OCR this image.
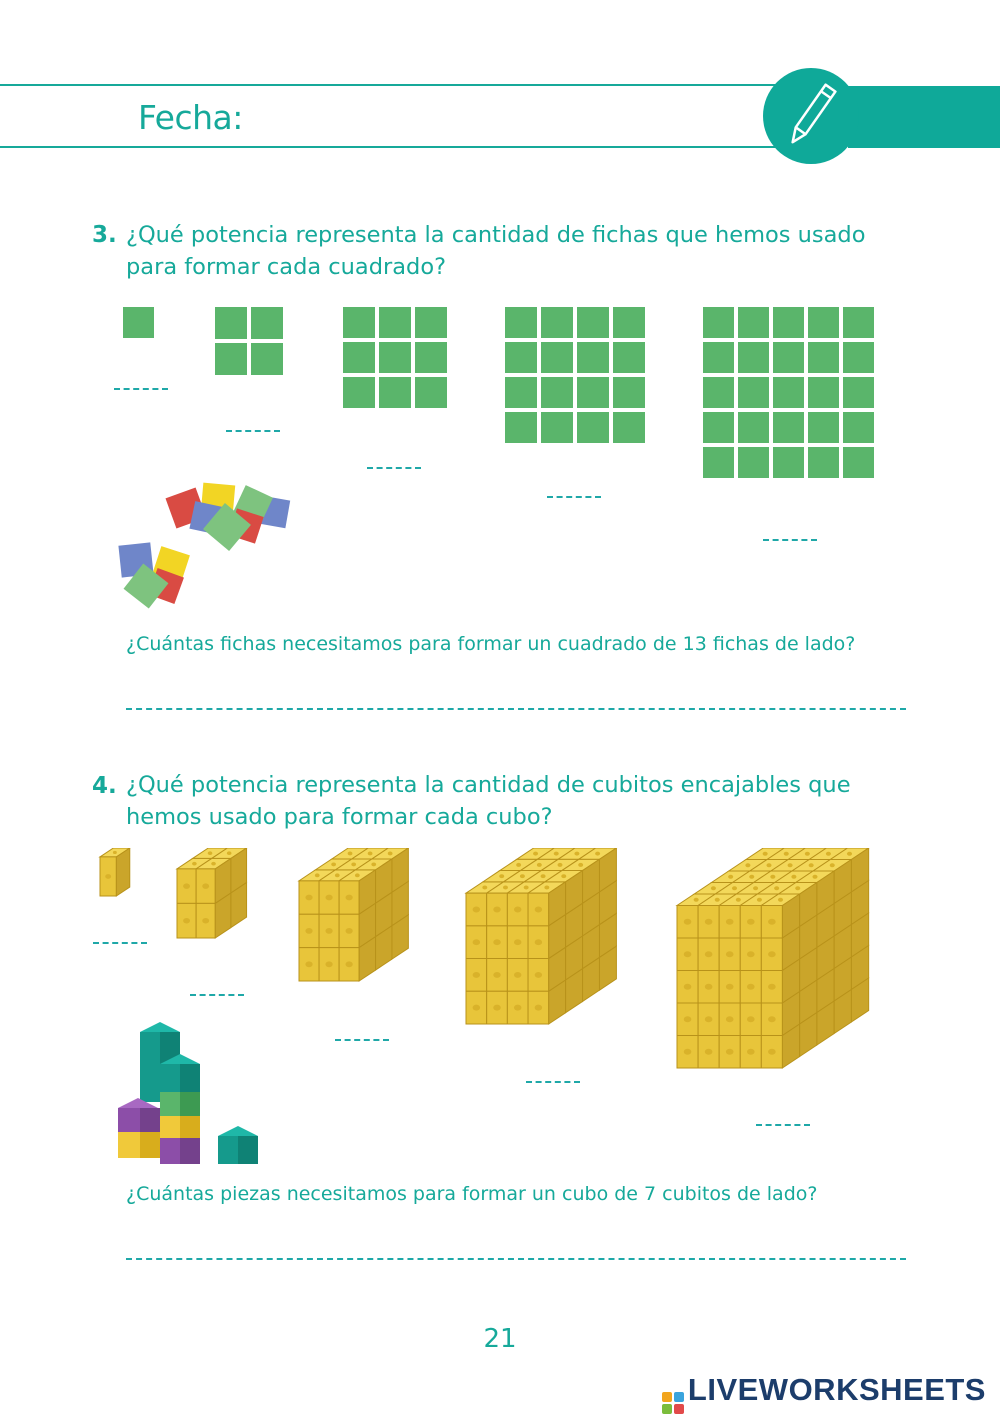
Fecha:
3. ¿Qué potencia representa la cantidad de fichas que hemos usado para formar cada cuadrado?
¿Cuántas fichas necesitamos para formar un cuadrado de 13 fichas de lado?
4. ¿Qué potencia representa la cantidad de cubitos encajables que hemos usado para formar cada cubo?
¿Cuántas piezas necesitamos para formar un cubo de 7 cubitos de lado?
21
LIVEWORKSHEETS
